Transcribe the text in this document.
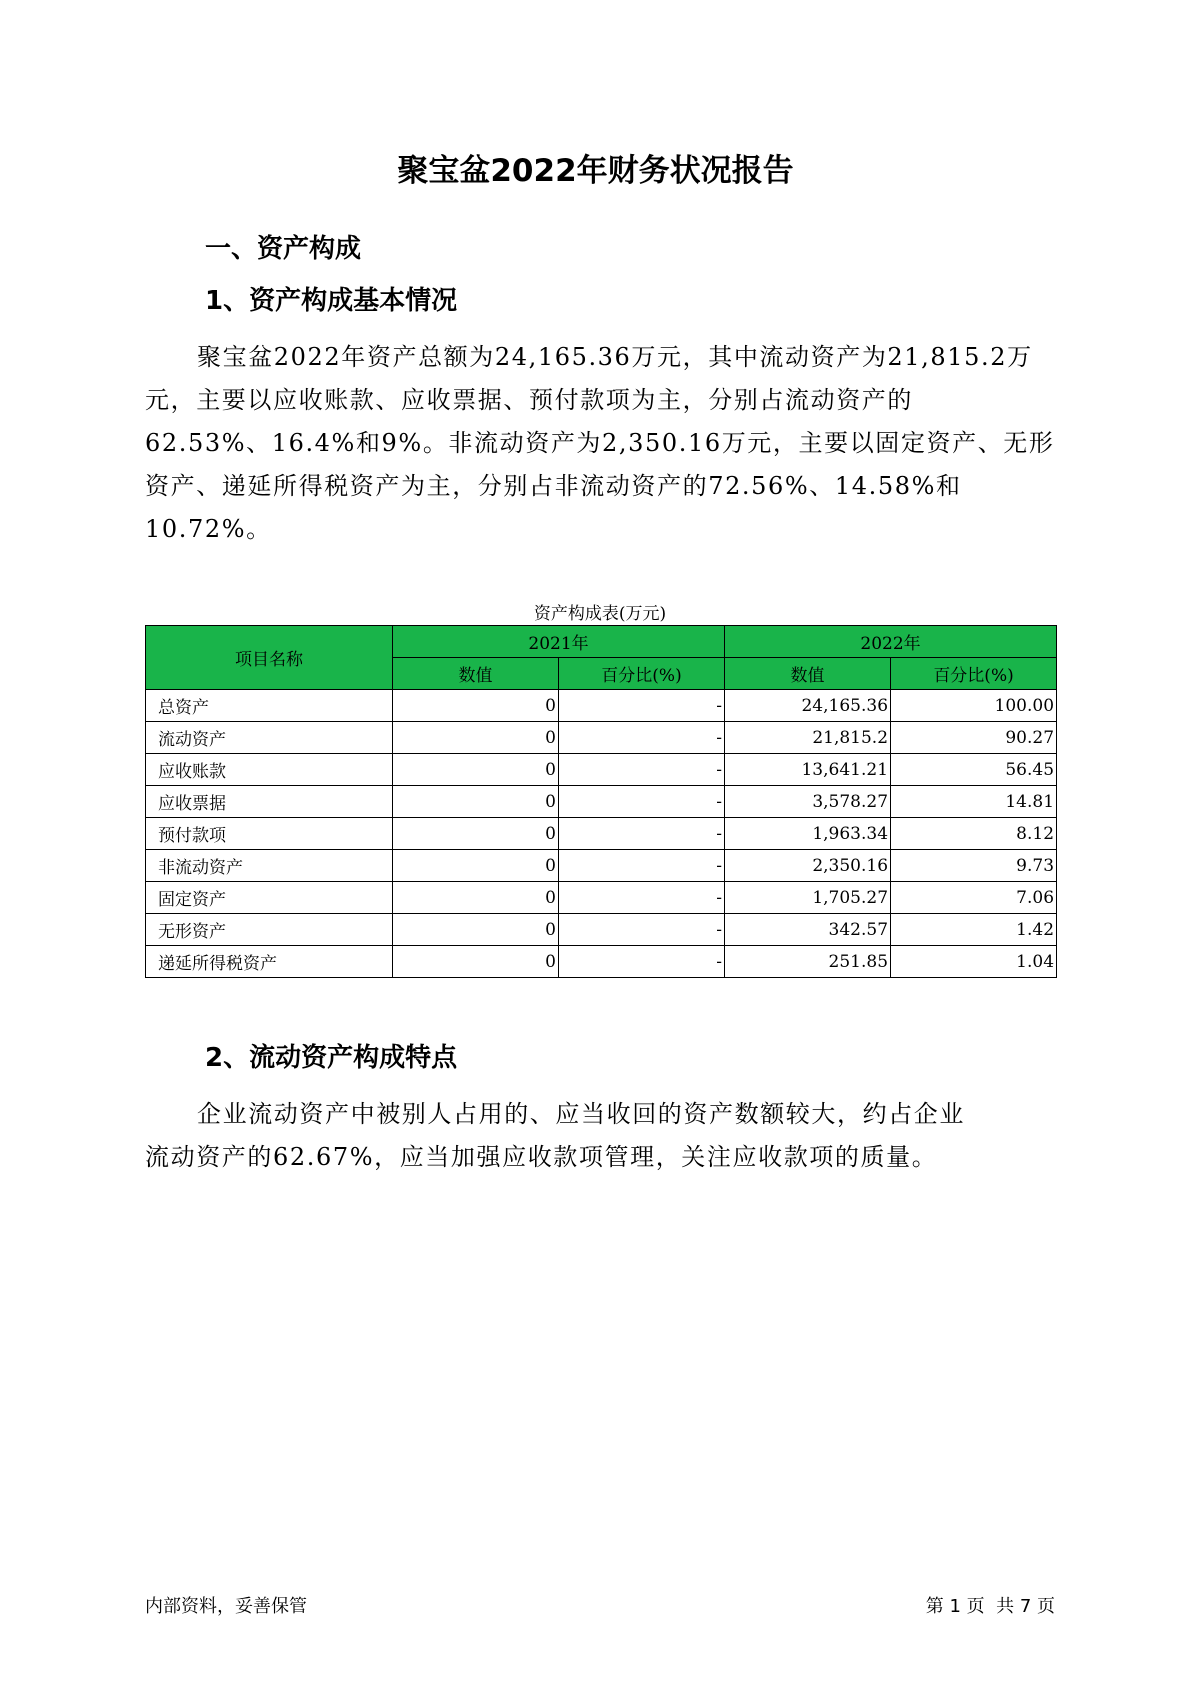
聚宝盆2022年财务状况报告
一、资产构成
1、资产构成基本情况
聚宝盆2022年资产总额为24,165.36万元，其中流动资产为21,815.2万
元，主要以应收账款、应收票据、预付款项为主，分别占流动资产的
62.53%、16.4%和9%。非流动资产为2,350.16万元，主要以固定资产、无形
资产、递延所得税资产为主，分别占非流动资产的72.56%、14.58%和
10.72%。
资产构成表(万元)
项目名称	2021年		2022年	
	数值	百分比(%)	数值	百分比(%)
总资产	0	-	24,165.36	100.00
流动资产	0	-	21,815.2	90.27
应收账款	0	-	13,641.21	56.45
应收票据	0	-	3,578.27	14.81
预付款项	0	-	1,963.34	8.12
非流动资产	0	-	2,350.16	9.73
固定资产	0	-	1,705.27	7.06
无形资产	0	-	342.57	1.42
递延所得税资产	0	-	251.85	1.04
2、流动资产构成特点
企业流动资产中被别人占用的、应当收回的资产数额较大，约占企业
流动资产的62.67%，应当加强应收款项管理，关注应收款项的质量。
内部资料，妥善保管	第 1 页  共 7 页
